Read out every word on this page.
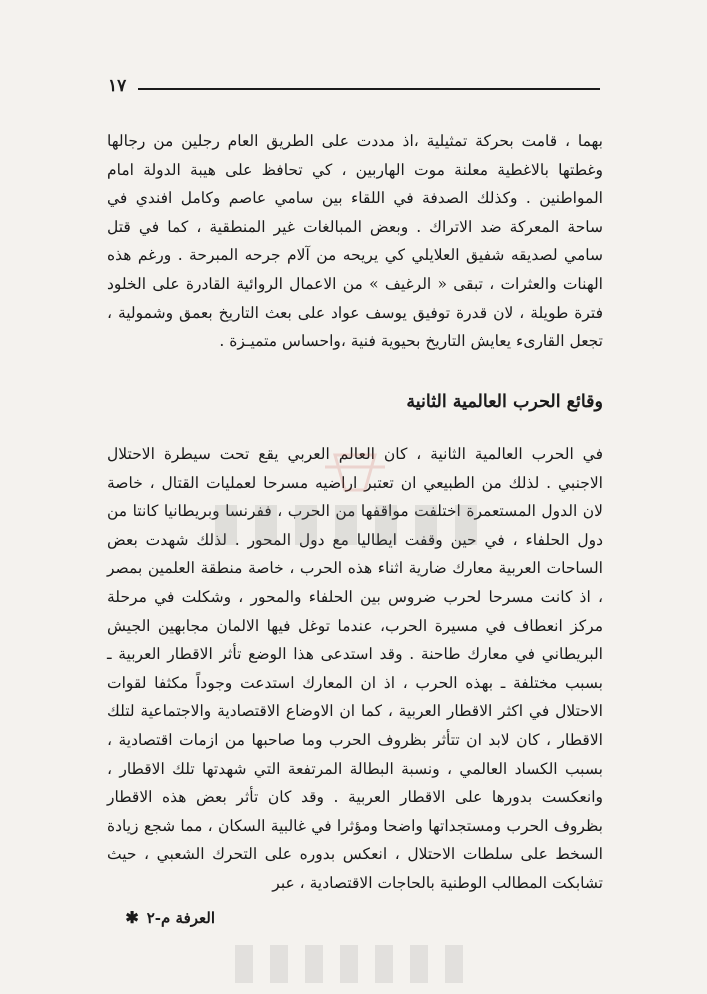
١٧

بهما ، قامت بحركة تمثيلية ،اذ مددت على الطريق العام رجلين من رجالها وغطتها بالاغطية معلنة موت الهاربين ، كي تحافظ على هيبة الدولة امام المواطنين . وكذلك الصدفة في اللقاء بين سامي عاصم وكامل افندي في ساحة المعركة ضد الاتراك . وبعض المبالغات غير المنطقية ، كما في قتل سامي لصديقه شفيق العلايلي كي يريحه من آلام جرحه المبرحة . ورغم هذه الهنات والعثرات ، تبقى « الرغيف » من الاعمال الروائية القادرة على الخلود فترة طويلة ، لان قدرة توفيق يوسف عواد على بعث التاريخ بعمق وشمولية ، تجعل القارىء يعايش التاريخ بحيوية فنية ،واحساس متميـزة .

وقائع الحرب العالمية الثانية

في الحرب العالمية الثانية ، كان العالم العربي يقع تحت سيطرة الاحتلال الاجنبي . لذلك من الطبيعي ان تعتبر اراضيه مسرحا لعمليات القتال ، خاصة لان الدول المستعمرة اختلفت مواقفها من الحرب ، ففرنسا وبريطانيا كانتا من دول الحلفاء ، في حين وقفت ايطاليا مع دول المحور . لذلك شهدت بعض الساحات العربية معارك ضارية اثناء هذه الحرب ، خاصة منطقة العلمين بمصر ، اذ كانت مسرحا لحرب ضروس بين الحلفاء والمحور ، وشكلت في مرحلة مركز انعطاف في مسيرة الحرب، عندما توغل فيها الالمان مجابهين الجيش البريطاني في معارك طاحنة . وقد استدعى هذا الوضع تأثر الاقطار العربية ـ بسبب مختلفة ـ بهذه الحرب ، اذ ان المعارك استدعت وجوداً مكثفا لقوات الاحتلال في اكثر الاقطار العربية ، كما ان الاوضاع الاقتصادية والاجتماعية لتلك الاقطار ، كان لابد ان تتأثر بظروف الحرب وما صاحبها من ازمات اقتصادية ، بسبب الكساد العالمي ، ونسبة البطالة المرتفعة التي شهدتها تلك الاقطار ، وانعكست بدورها على الاقطار العربية . وقد كان تأثر بعض هذه الاقطار بظروف الحرب ومستجداتها واضحا ومؤثرا في غالبية السكان ، مما شجع زيادة السخط على سلطات الاحتلال ، انعكس بدوره على التحرك الشعبي ، حيث تشابكت المطالب الوطنية بالحاجات الاقتصادية ، عبر

العرفة م-٢
✱
